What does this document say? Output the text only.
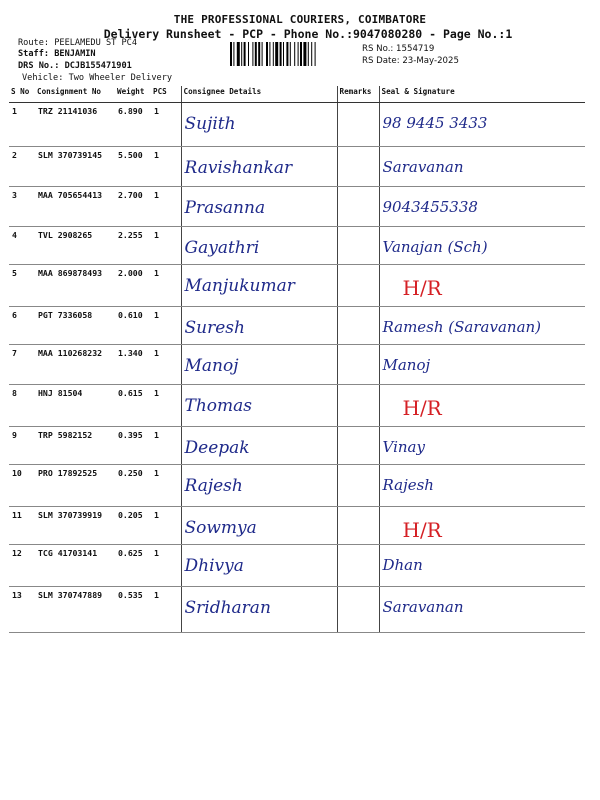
THE PROFESSIONAL COURIERS, COIMBATORE
Delivery Runsheet - PCP - Phone No.:9047080280 - Page No.:1
Route: PEELAMEDU ST PC4
Staff: BENJAMIN
DRS No.: DCJB155471901
Vehicle: Two Wheeler Delivery
RS No.: 1554719
RS Date: 23-May-2025
S No	Consignment No	Weight	PCS	Consignee Details	Remarks	Seal & Signature
1	TRZ 21141036	6.890	1	Sujith		98 9445 3433

2	SLM 370739145	5.500	1	Ravishankar		Saravanan

3	MAA 705654413	2.700	1	Prasanna		9043455338

4	TVL 2908265	2.255	1	Gayathri		Vanajan (Sch)

5	MAA 869878493	2.000	1	Manjukumar		H/R

6	PGT 7336058	0.610	1	Suresh		Ramesh (Saravanan)

7	MAA 110268232	1.340	1	Manoj		Manoj

8	HNJ 81504	0.615	1	Thomas		H/R

9	TRP 5982152	0.395	1	Deepak		Vinay

10	PRO 17892525	0.250	1	Rajesh		Rajesh

11	SLM 370739919	0.205	1	Sowmya		H/R

12	TCG 41703141	0.625	1	Dhivya		Dhan

13	SLM 370747889	0.535	1	Sridharan		Saravanan
